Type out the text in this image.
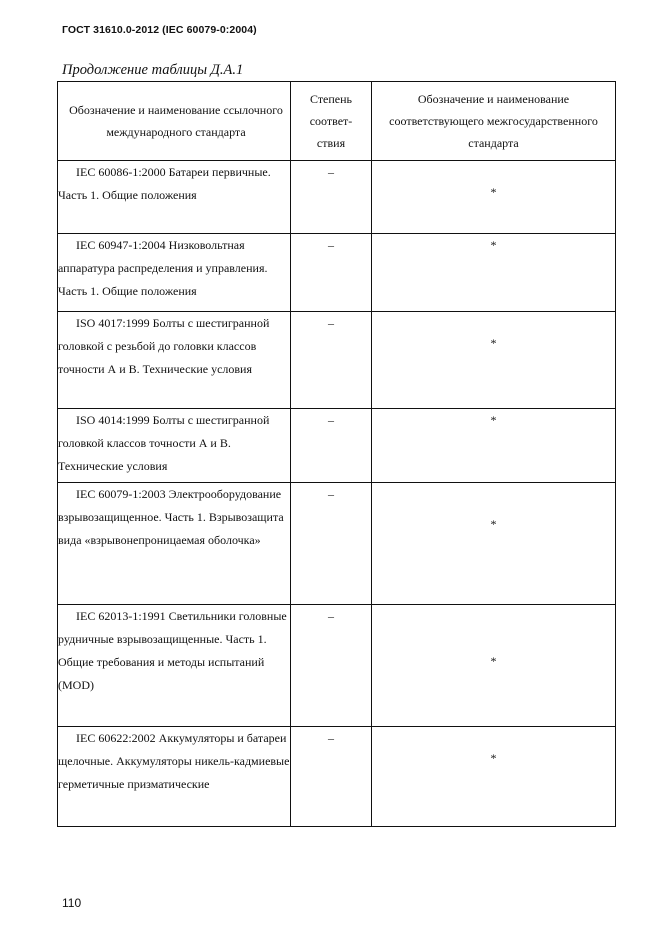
ГОСТ 31610.0-2012 (IEC 60079-0:2004)
Продолжение таблицы Д.А.1
Обозначение и наименование ссылочного международного стандарта	Степень соответ-ствия	Обозначение и наименование соответствующего межгосударственного стандарта

IEC 60086-1:2000 Батареи первичные. Часть 1. Общие положения	–	*

IEC 60947-1:2004 Низковольтная аппаратура распределения и управления. Часть 1. Общие положения	–	*

ISO 4017:1999 Болты с шестигранной головкой с резьбой до головки классов точности А и В. Технические условия	–	*

ISO 4014:1999 Болты с шестигранной головкой классов точности А и В. Технические условия	–	*

IEC 60079-1:2003 Электрооборудование взрывозащищенное. Часть 1. Взрывозащита вида «взрывонепроницаемая оболочка»	–	*

IEC 62013-1:1991 Светильники головные рудничные взрывозащищенные. Часть 1. Общие требования и методы испытаний (MOD)	–	*

IEC 60622:2002 Аккумуляторы и батареи щелочные. Аккумуляторы никель-кадмиевые герметичные призматические	–	*
110
